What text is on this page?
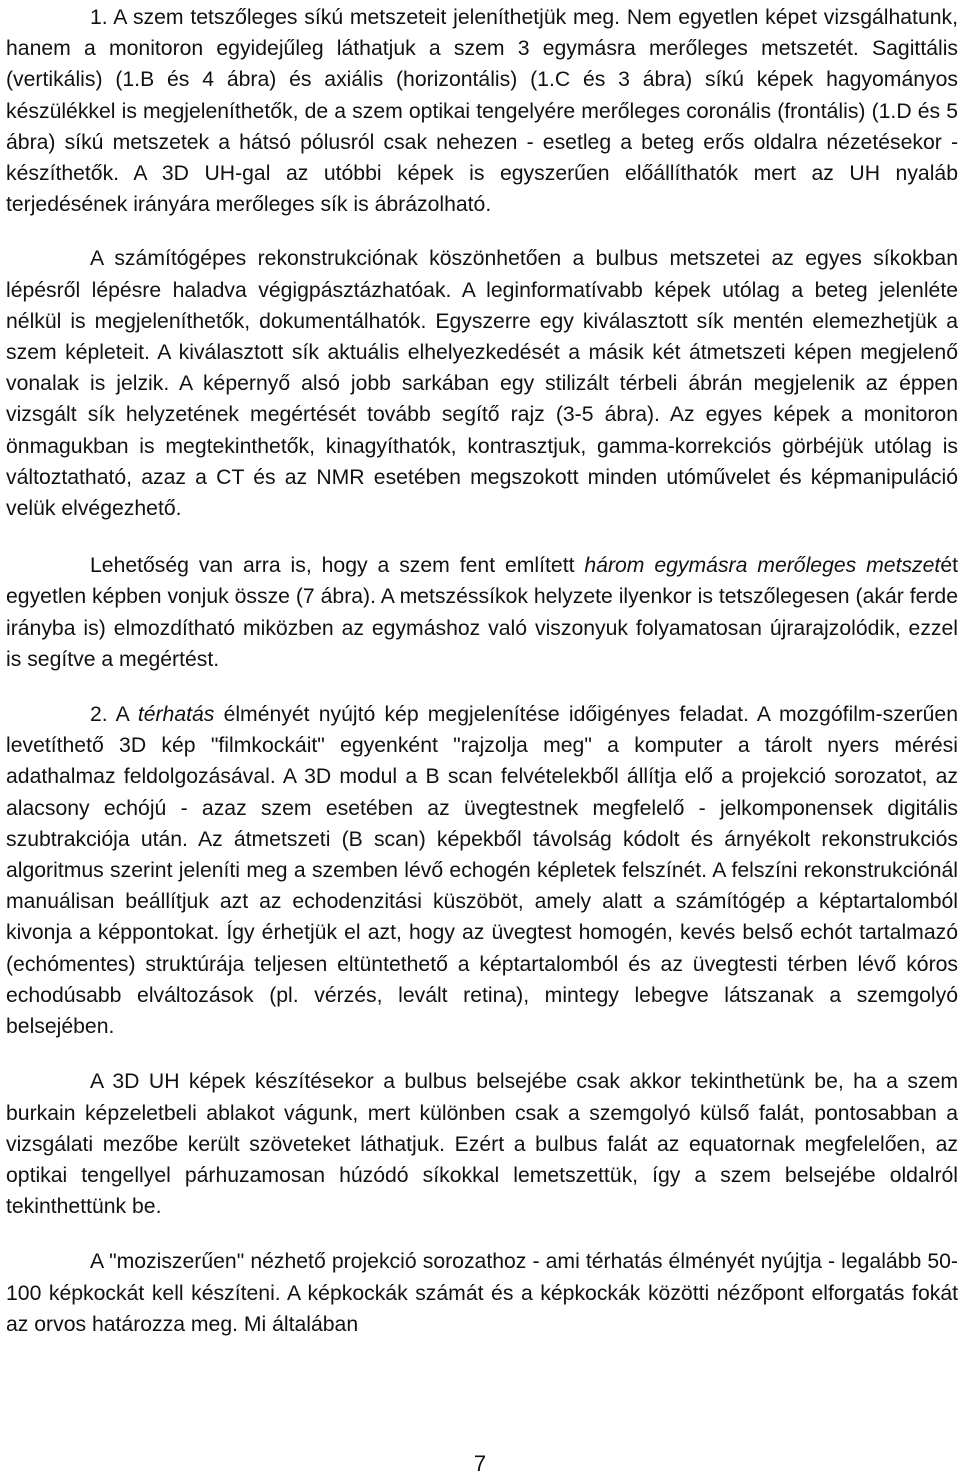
1. A szem tetszőleges síkú metszeteit jeleníthetjük meg. Nem egyetlen képet vizsgálhatunk, hanem a monitoron egyidejűleg láthatjuk a szem 3 egymásra merőleges metszetét. Sagittális (vertikális) (1.B és 4 ábra) és axiális (horizontális) (1.C és 3 ábra) síkú képek hagyományos készülékkel is megjeleníthetők, de a szem optikai tengelyére merőleges coronális (frontális) (1.D és 5 ábra) síkú metszetek a hátsó pólusról csak nehezen - esetleg a beteg erős oldalra nézetésekor - készíthetők. A 3D UH-gal az utóbbi képek is egyszerűen előállíthatók mert az UH nyaláb terjedésének irányára merőleges sík is ábrázolható.

A számítógépes rekonstrukciónak köszönhetően a bulbus metszetei az egyes síkokban lépésről lépésre haladva végigpásztázhatóak. A leginformatívabb képek utólag a beteg jelenléte nélkül is megjeleníthetők, dokumentálhatók. Egyszerre egy kiválasztott sík mentén elemezhetjük a szem képleteit. A kiválasztott sík aktuális elhelyezkedését a másik két átmetszeti képen megjelenő vonalak is jelzik. A képernyő alsó jobb sarkában egy stilizált térbeli ábrán megjelenik az éppen vizsgált sík helyzetének megértését tovább segítő rajz (3-5 ábra). Az egyes képek a monitoron önmagukban is megtekinthetők, kinagyíthatók, kontrasztjuk, gamma-korrekciós görbéjük utólag is változtatható, azaz a CT és az NMR esetében megszokott minden utóművelet és képmanipuláció velük elvégezhető.

Lehetőség van arra is, hogy a szem fent említett három egymásra merőleges metszetét egyetlen képben vonjuk össze (7 ábra). A metszéssíkok helyzete ilyenkor is tetszőlegesen (akár ferde irányba is) elmozdítható miközben az egymáshoz való viszonyuk folyamatosan újrarajzolódik, ezzel is segítve a megértést.

2. A térhatás élményét nyújtó kép megjelenítése időigényes feladat. A mozgófilm-szerűen levetíthető 3D kép "filmkockáit" egyenként "rajzolja meg" a komputer a tárolt nyers mérési adathalmaz feldolgozásával. A 3D modul a B scan felvételekből állítja elő a projekció sorozatot, az alacsony echójú - azaz szem esetében az üvegtestnek megfelelő - jelkomponensek digitális szubtrakciója után. Az átmetszeti (B scan) képekből távolság kódolt és árnyékolt rekonstrukciós algoritmus szerint jeleníti meg a szemben lévő echogén képletek felszínét. A felszíni rekonstrukciónál manuálisan beállítjuk azt az echodenzitási küszöböt, amely alatt a számítógép a képtartalomból kivonja a képpontokat. Így érhetjük el azt, hogy az üvegtest homogén, kevés belső echót tartalmazó (echómentes) struktúrája teljesen eltüntethető a képtartalomból és az üvegtesti térben lévő kóros echodúsabb elváltozások (pl. vérzés, levált retina), mintegy lebegve látszanak a szemgolyó belsejében.

A 3D UH képek készítésekor a bulbus belsejébe csak akkor tekinthetünk be, ha a szem burkain képzeletbeli ablakot vágunk, mert különben csak a szemgolyó külső falát, pontosabban a vizsgálati mezőbe került szöveteket láthatjuk. Ezért a bulbus falát az equatornak megfelelően, az optikai tengellyel párhuzamosan húzódó síkokkal lemetszettük, így a szem belsejébe oldalról tekinthettünk be.

A "moziszerűen" nézhető projekció sorozathoz - ami térhatás élményét nyújtja - legalább 50-100 képkockát kell készíteni. A képkockák számát és a képkockák közötti nézőpont elforgatás fokát az orvos határozza meg. Mi általában

7
